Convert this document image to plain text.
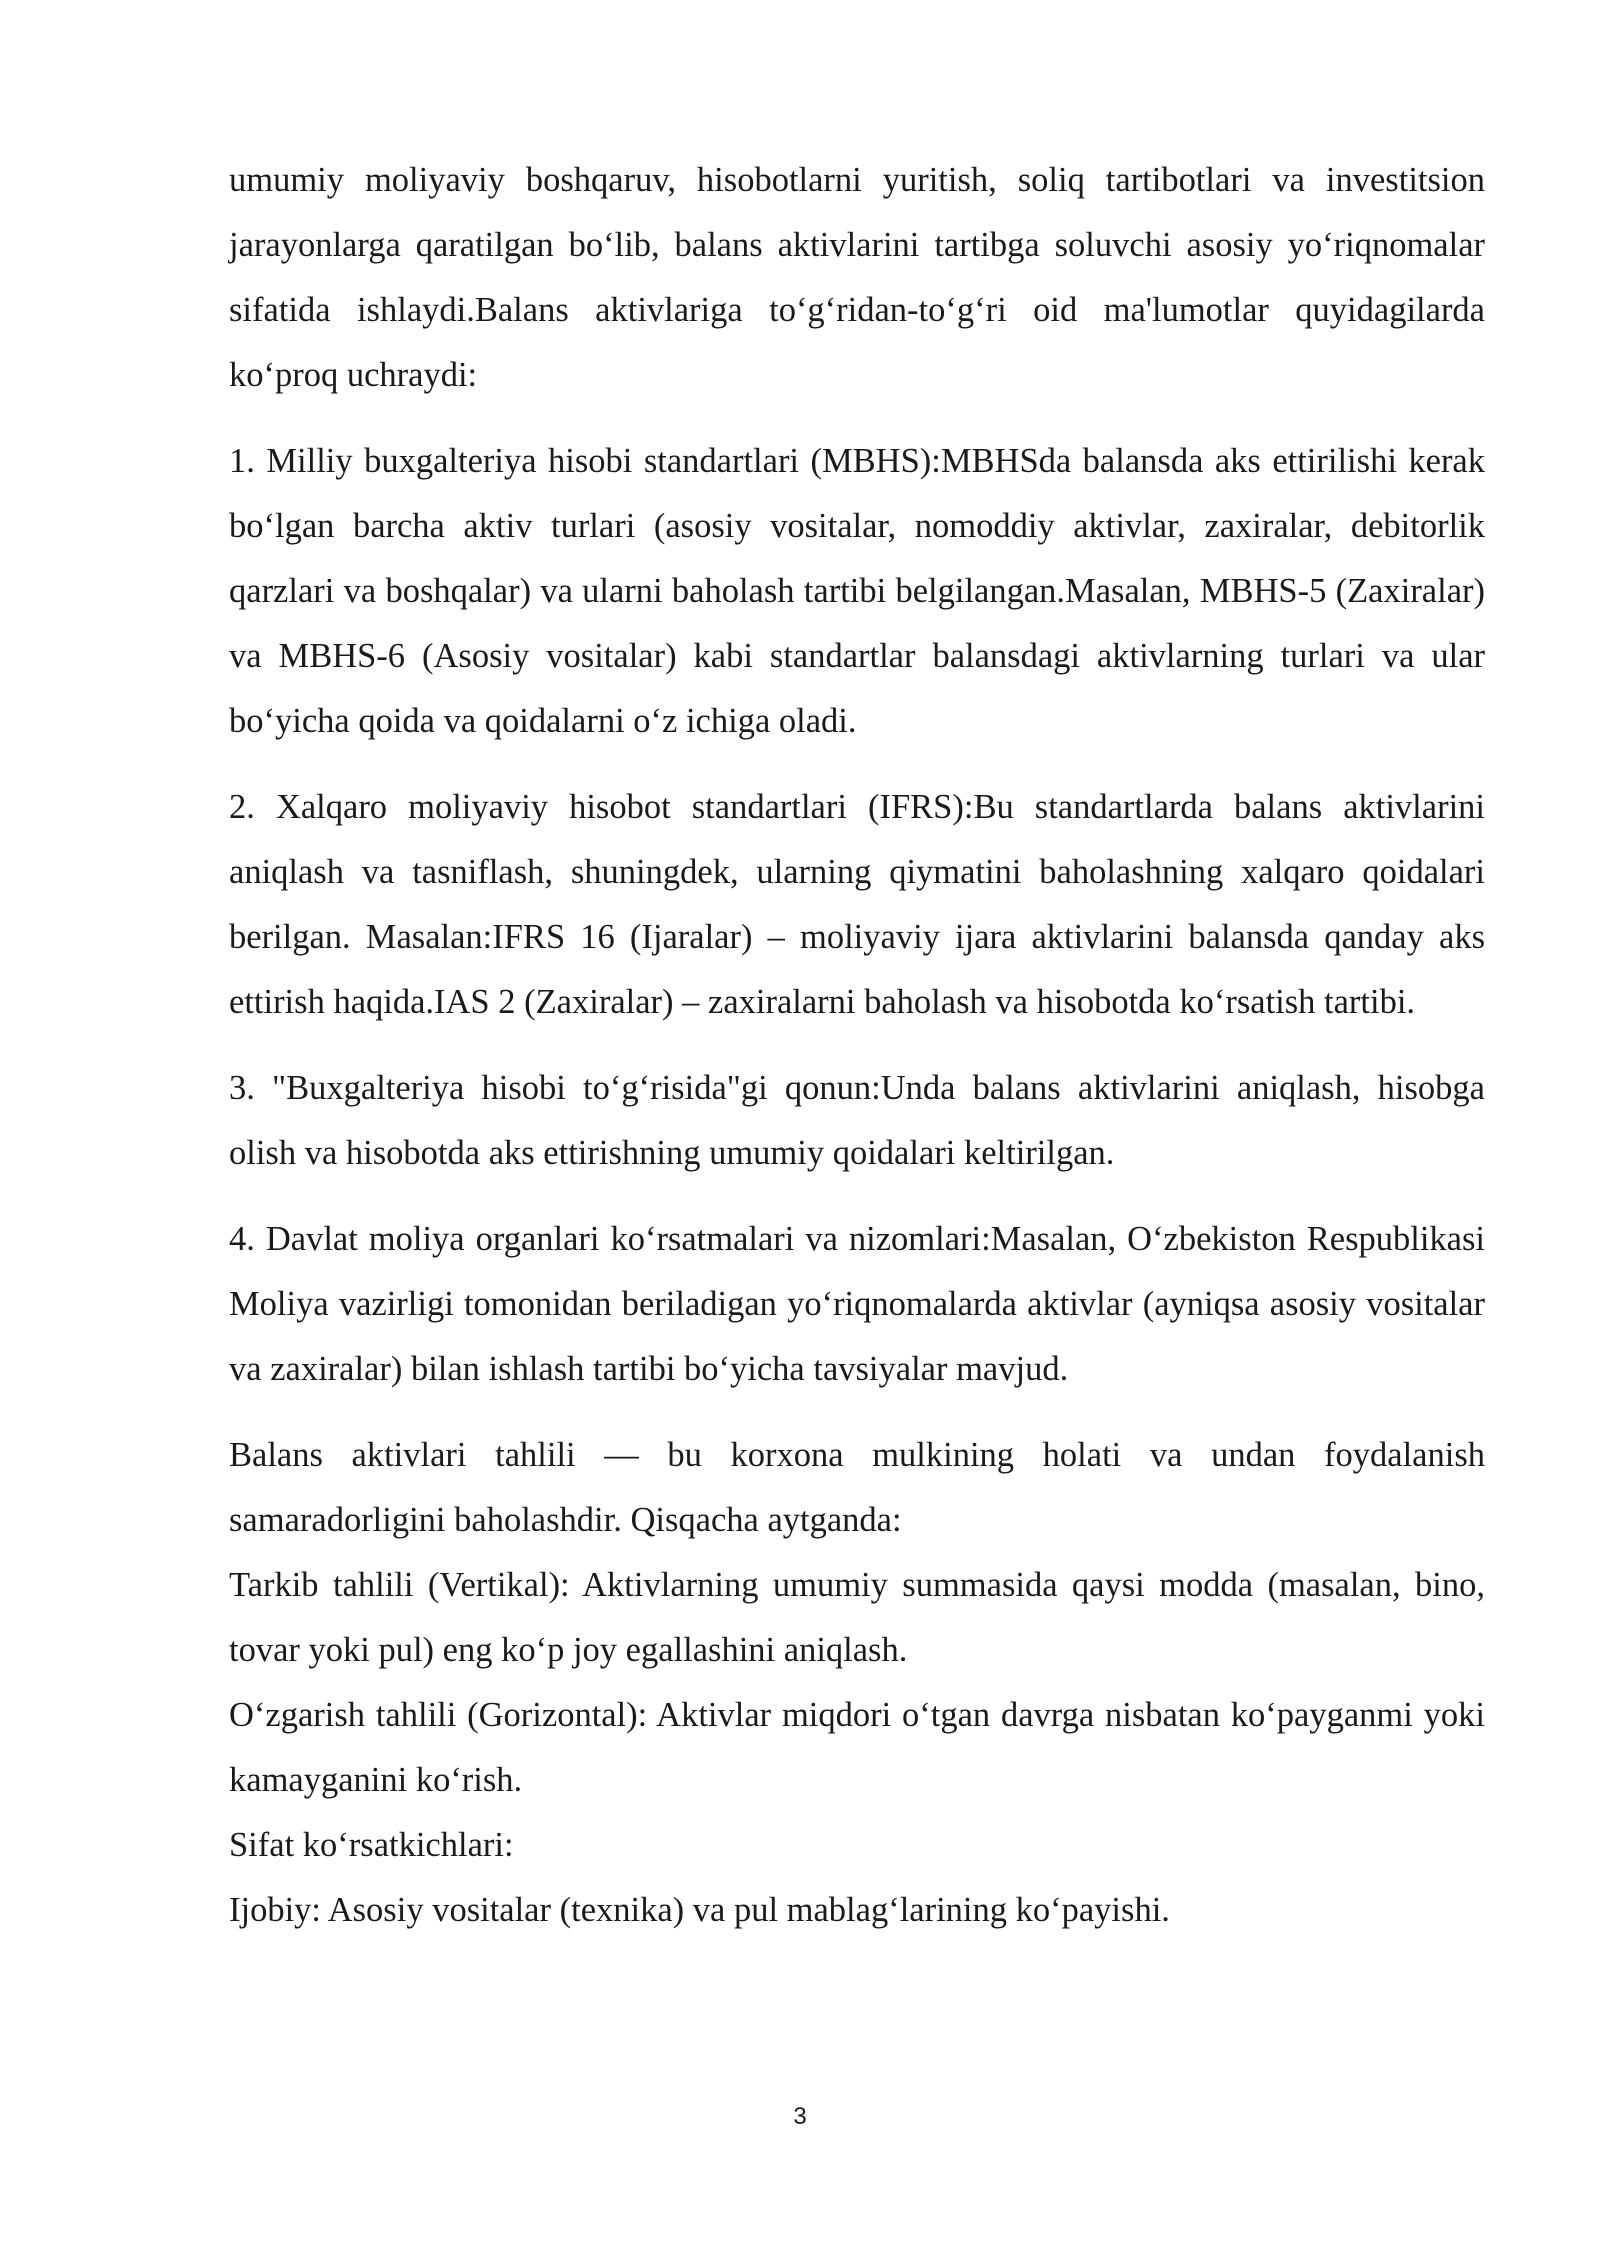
umumiy moliyaviy boshqaruv, hisobotlarni yuritish, soliq tartibotlari va investitsion jarayonlarga qaratilgan bo‘lib, balans aktivlarini tartibga soluvchi asosiy yo‘riqnomalar sifatida ishlaydi.Balans aktivlariga to‘g‘ridan-to‘g‘ri oid ma'lumotlar quyidagilarda ko‘proq uchraydi:

1. Milliy buxgalteriya hisobi standartlari (MBHS):MBHSda balansda aks ettirilishi kerak bo‘lgan barcha aktiv turlari (asosiy vositalar, nomoddiy aktivlar, zaxiralar, debitorlik qarzlari va boshqalar) va ularni baholash tartibi belgilangan.Masalan, MBHS-5 (Zaxiralar) va MBHS-6 (Asosiy vositalar) kabi standartlar balansdagi aktivlarning turlari va ular bo‘yicha qoida va qoidalarni o‘z ichiga oladi.

2. Xalqaro moliyaviy hisobot standartlari (IFRS):Bu standartlarda balans aktivlarini aniqlash va tasniflash, shuningdek, ularning qiymatini baholashning xalqaro qoidalari berilgan. Masalan:IFRS 16 (Ijaralar) – moliyaviy ijara aktivlarini balansda qanday aks ettirish haqida.IAS 2 (Zaxiralar) – zaxiralarni baholash va hisobotda ko‘rsatish tartibi.

3. "Buxgalteriya hisobi to‘g‘risida"gi qonun:Unda balans aktivlarini aniqlash, hisobga olish va hisobotda aks ettirishning umumiy qoidalari keltirilgan.

4. Davlat moliya organlari ko‘rsatmalari va nizomlari:Masalan, O‘zbekiston Respublikasi Moliya vazirligi tomonidan beriladigan yo‘riqnomalarda aktivlar (ayniqsa asosiy vositalar va zaxiralar) bilan ishlash tartibi bo‘yicha tavsiyalar mavjud.

Balans aktivlari tahlili — bu korxona mulkining holati va undan foydalanish samaradorligini baholashdir. Qisqacha aytganda:

Tarkib tahlili (Vertikal): Aktivlarning umumiy summasida qaysi modda (masalan, bino, tovar yoki pul) eng ko‘p joy egallashini aniqlash.

O‘zgarish tahlili (Gorizontal): Aktivlar miqdori o‘tgan davrga nisbatan ko‘payganmi yoki kamayganini ko‘rish.

Sifat ko‘rsatkichlari:

Ijobiy: Asosiy vositalar (texnika) va pul mablag‘larining ko‘payishi.

3
